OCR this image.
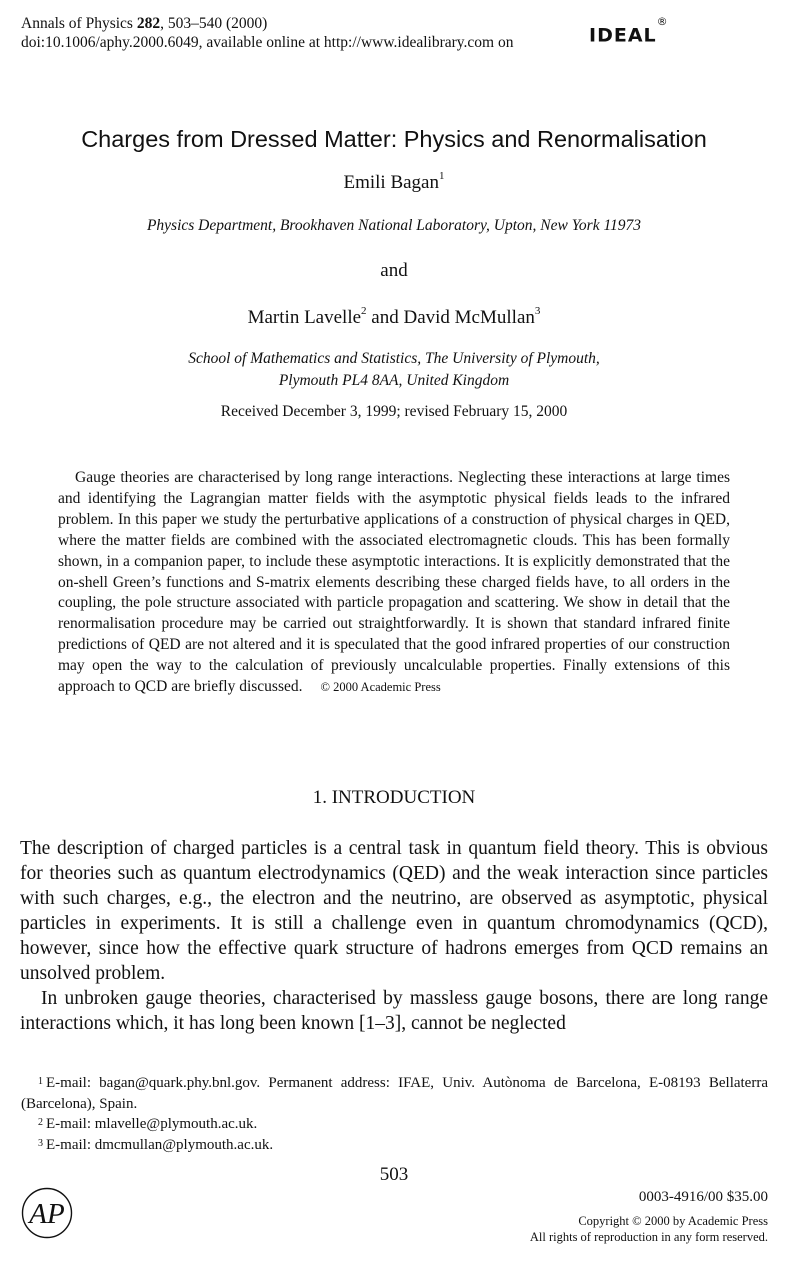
Annals of Physics 282, 503–540 (2000)
doi:10.1006/aphy.2000.6049, available online at http://www.idealibrary.com on	IDEAL®
Charges from Dressed Matter: Physics and Renormalisation
Emili Bagan$^1$
Physics Department, Brookhaven National Laboratory, Upton, New York 11973
and
Martin Lavelle$^2$ and David McMullan$^3$
School of Mathematics and Statistics, The University of Plymouth,
Plymouth PL4 8AA, United Kingdom
Received December 3, 1999; revised February 15, 2000
Gauge theories are characterised by long range interactions. Neglecting these interactions at large times and identifying the Lagrangian matter fields with the asymptotic physical fields leads to the infrared problem. In this paper we study the perturbative applications of a construction of physical charges in QED, where the matter fields are combined with the associated electromagnetic clouds. This has been formally shown, in a companion paper, to include these asymptotic interactions. It is explicitly demonstrated that the on-shell Green’s functions and S-matrix elements describing these charged fields have, to all orders in the coupling, the pole structure associated with particle propagation and scattering. We show in detail that the renormalisation procedure may be carried out straightforwardly. It is shown that standard infrared finite predictions of QED are not altered and it is speculated that the good infrared properties of our construction may open the way to the calculation of previously uncalculable properties. Finally extensions of this approach to QCD are briefly discussed. © 2000 Academic Press
1. INTRODUCTION

The description of charged particles is a central task in quantum field theory. This is obvious for theories such as quantum electrodynamics (QED) and the weak interaction since particles with such charges, e.g., the electron and the neutrino, are observed as asymptotic, physical particles in experiments. It is still a challenge even in quantum chromodynamics (QCD), however, since how the effective quark structure of hadrons emerges from QCD remains an unsolved problem.

In unbroken gauge theories, characterised by massless gauge bosons, there are long range interactions which, it has long been known [1–3], cannot be neglected

$^1$ E-mail: bagan@quark.phy.bnl.gov. Permanent address: IFAE, Univ. Autònoma de Barcelona, E-08193 Bellaterra (Barcelona), Spain.
$^2$ E-mail: mlavelle@plymouth.ac.uk.
$^3$ E-mail: dmcmullan@plymouth.ac.uk.
503
AP
0003-4916/00 $35.00
Copyright © 2000 by Academic Press
All rights of reproduction in any form reserved.
